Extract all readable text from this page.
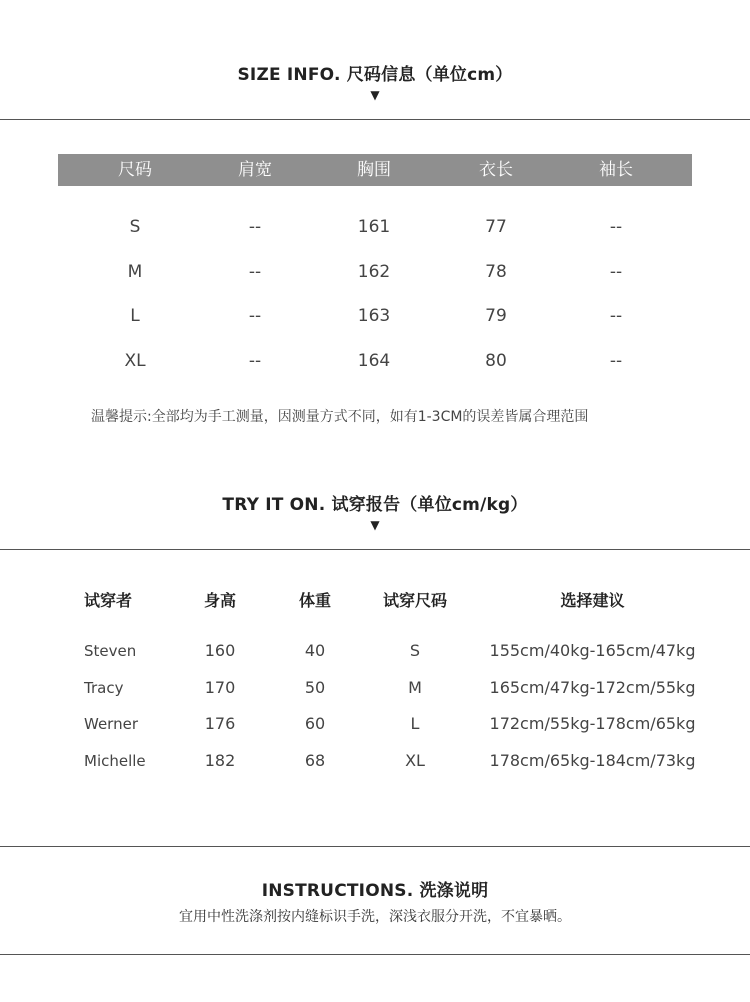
SIZE INFO. 尺码信息（单位cm）
▼
尺码	肩宽	胸围	衣长	袖长
S	--	161	77	--
M	--	162	78	--
L	--	163	79	--
XL	--	164	80	--
温馨提示:全部均为手工测量，因测量方式不同，如有1-3CM的误差皆属合理范围
TRY IT ON. 试穿报告（单位cm/kg）
▼
试穿者	身高	体重	试穿尺码	选择建议
Steven	160	40	S	155cm/40kg-165cm/47kg
Tracy	170	50	M	165cm/47kg-172cm/55kg
Werner	176	60	L	172cm/55kg-178cm/65kg
Michelle	182	68	XL	178cm/65kg-184cm/73kg
INSTRUCTIONS. 洗涤说明
宜用中性洗涤剂按内缝标识手洗，深浅衣服分开洗，不宜暴晒。
